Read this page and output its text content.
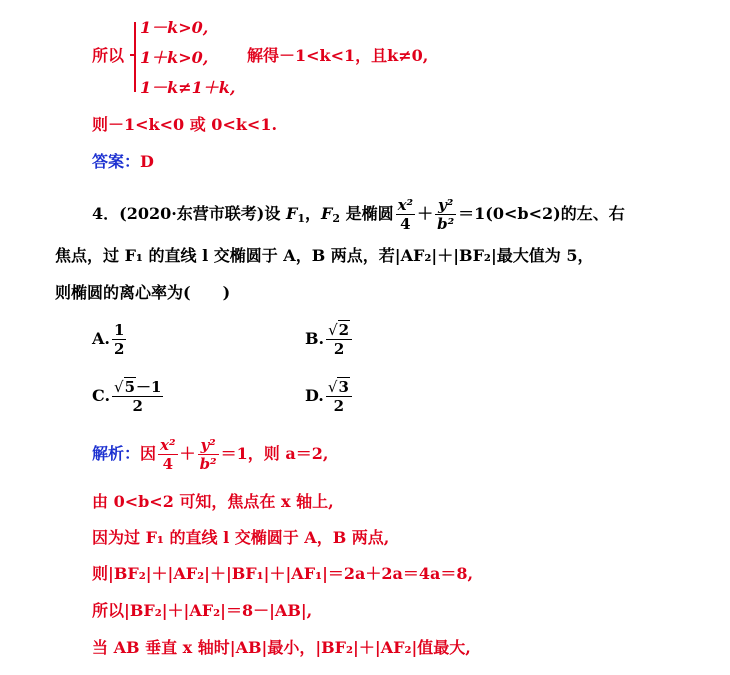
所以
1－k>0,
1＋k>0,
1－k≠1＋k,
解得－1<k<1，且k≠0,
则－1<k<0 或 0<k<1.
答案：D
4．(2020·东营市联考)设 $F_1$，$F_2$ 是椭圆 $\frac{\text{x²}}{4} + \frac{\text{y²}}{\text{b²}} =1(0<b<2)$的左、右
焦点，过 F₁ 的直线 l 交椭圆于 A，B 两点，若|AF₂|＋|BF₂|最大值为 5，
则椭圆的离心率为(　　)
A. $\frac{1}{2}$	B. $\frac{√2}{2}$
C. $\frac{√5-1}{2}$	D. $\frac{√3}{2}$
解析：因 $\frac{\text{x²}}{4} + \frac{\text{y²}}{\text{b²}} =1$，则 a＝2,
由 0<b<2 可知，焦点在 x 轴上,
因为过 F₁ 的直线 l 交椭圆于 A，B 两点,
则|BF₂|＋|AF₂|＋|BF₁|＋|AF₁|＝2a＋2a＝4a＝8,
所以|BF₂|＋|AF₂|＝8－|AB|,
当 AB 垂直 x 轴时|AB|最小，|BF₂|＋|AF₂|值最大,
